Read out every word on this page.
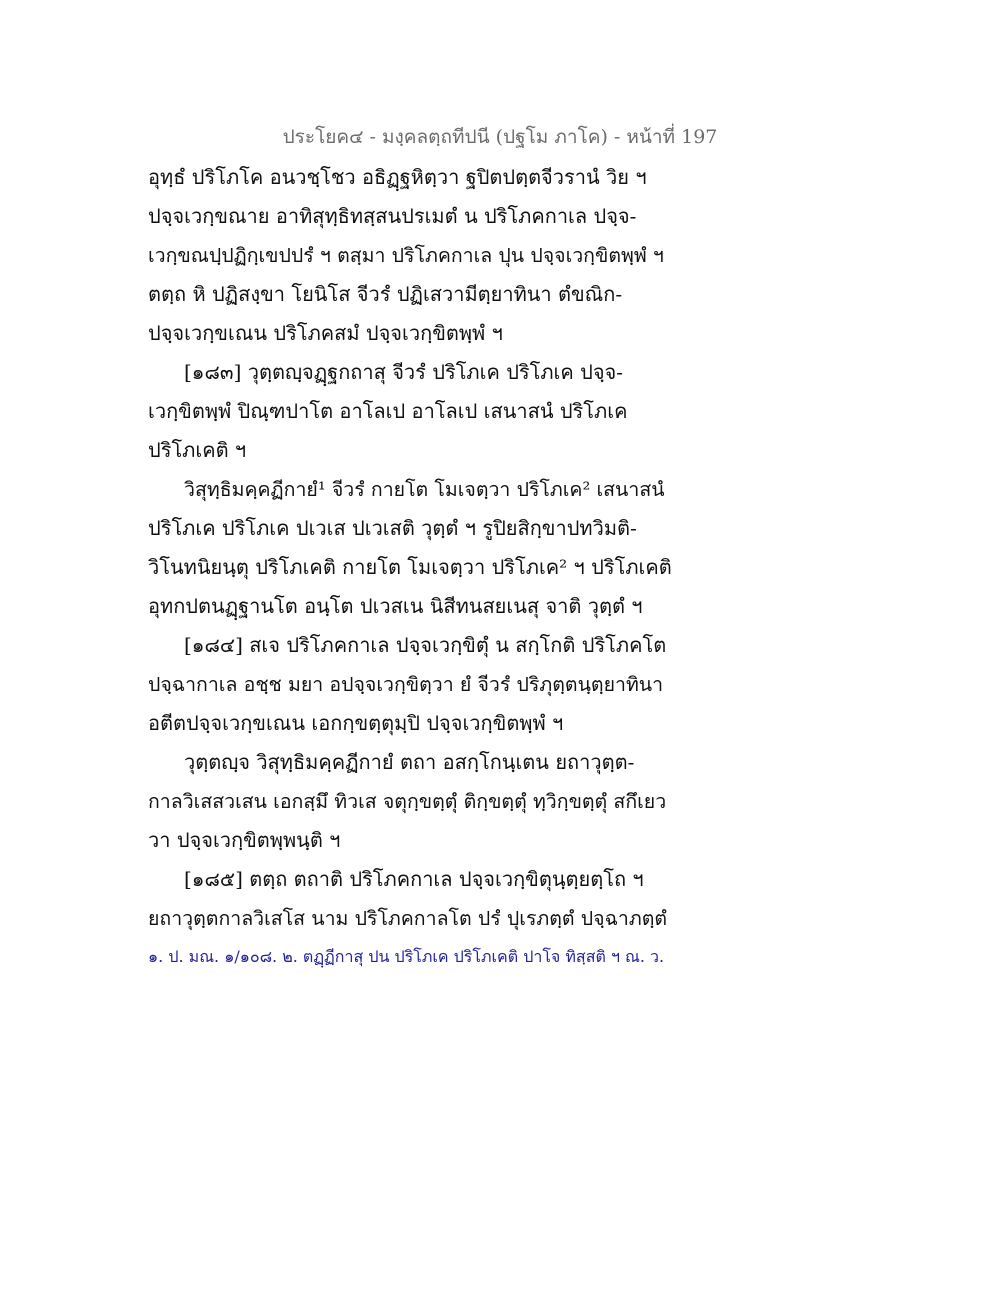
ประโยค๔ - มงฺคลตฺถทีปนี (ปฐโม ภาโค) - หน้าที่ 197
อุทฺธํ ปริโภโค อนวชฺโชว อธิฏฺฐหิตฺวา ฐปิตปตฺตจีวรานํ วิย ฯ
ปจฺจเวกฺขณาย อาทิสุทฺธิทสฺสนปรเมตํ น ปริโภคกาเล ปจฺจ-
เวกฺขณปฺปฏิกฺเขปปรํ ฯ ตสฺมา ปริโภคกาเล ปุน ปจฺจเวกฺขิตพฺพํ ฯ
ตตฺถ หิ ปฏิสงฺขา โยนิโส จีวรํ ปฏิเสวามีตฺยาทินา ตํขณิก-
ปจฺจเวกฺขเณน ปริโภคสมํ ปจฺจเวกฺขิตพฺพํ ฯ
[๑๘๓] วุตฺตญฺจฏฺฐกถาสุ จีวรํ ปริโภเค ปริโภเค ปจฺจ-
เวกฺขิตพฺพํ ปิณฺฑปาโต อาโลเป อาโลเป เสนาสนํ ปริโภเค
ปริโภเคติ ฯ
วิสุทฺธิมคฺคฏีกายํ¹ จีวรํ กายโต โมเจตฺวา ปริโภเค² เสนาสนํ
ปริโภเค ปริโภเค ปเวเส ปเวเสติ วุตฺตํ ฯ รูปิยสิกฺขาปทวิมติ-
วิโนทนิยนฺตุ ปริโภเคติ กายโต โมเจตฺวา ปริโภเค² ฯ ปริโภเคติ
อุทกปตนฏฺฐานโต อนฺโต ปเวสเน นิสีทนสยเนสุ จาติ วุตฺตํ ฯ
[๑๘๔] สเจ ปริโภคกาเล ปจฺจเวกฺขิตุํ น สกฺโกติ ปริโภคโต
ปจฺฉากาเล อชฺช มยา อปจฺจเวกฺขิตฺวา ยํ จีวรํ ปริภุตฺตนฺตฺยาทินา
อตีตปจฺจเวกฺขเณน เอกกฺขตฺตุมฺปิ ปจฺจเวกฺขิตพฺพํ ฯ
วุตฺตญฺจ วิสุทฺธิมคฺคฏีกายํ ตถา อสกฺโกนฺเตน ยถาวุตฺต-
กาลวิเสสวเสน เอกสฺมึ ทิวเส จตุกฺขตฺตุํ ติกฺขตฺตุํ ทฺวิกฺขตฺตุํ สกึเยว
วา ปจฺจเวกฺขิตพฺพนฺติ ฯ
[๑๘๕] ตตฺถ ตถาติ ปริโภคกาเล ปจฺจเวกฺขิตุนฺตฺยตฺโถ ฯ
ยถาวุตฺตกาลวิเสโส นาม ปริโภคกาลโต ปรํ ปุเรภตฺตํ ปจฺฉาภตฺตํ
๑. ป. มณ. ๑/๑๐๘. ๒. ตฏฺฏีกาสุ ปน ปริโภเค ปริโภเคติ ปาโจ ทิสฺสติ ฯ ณ. ว.
